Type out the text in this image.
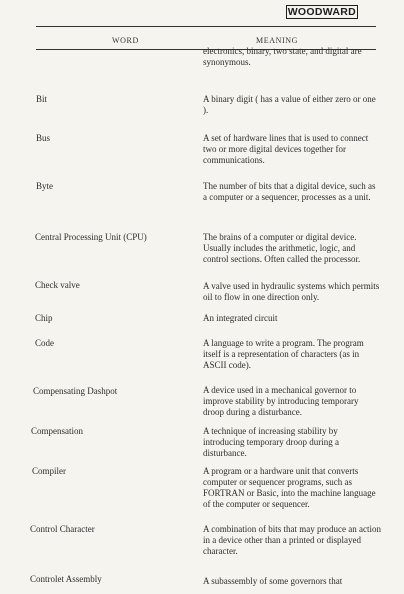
WOODWARD
WORD	MEANING
electronics, binary, two state, and digital are synonymous.
Bit	A binary digit ( has a value of either zero or one ).
Bus	A set of hardware lines that is used to connect two or more digital devices together for communications.
Byte	The number of bits that a digital device, such as a computer or a sequencer, processes as a unit.
Central Processing Unit (CPU)	The brains of a computer or digital device. Usually includes the arithmetic, logic, and control sections. Often called the processor.
Check valve	A valve used in hydraulic systems which permits oil to flow in one direction only.
Chip	An integrated circuit
Code	A language to write a program. The program itself is a representation of characters (as in ASCII code).
Compensating Dashpot	A device used in a mechanical governor to improve stability by introducing temporary droop during a disturbance.
Compensation	A technique of increasing stability by introducing temporary droop during a disturbance.
Compiler	A program or a hardware unit that converts computer or sequencer programs, such as FORTRAN or Basic, into the machine language of the computer or sequencer.
Control Character	A combination of bits that may produce an action in a device other than a printed or displayed character.
Controlet Assembly	A subassembly of some governors that
